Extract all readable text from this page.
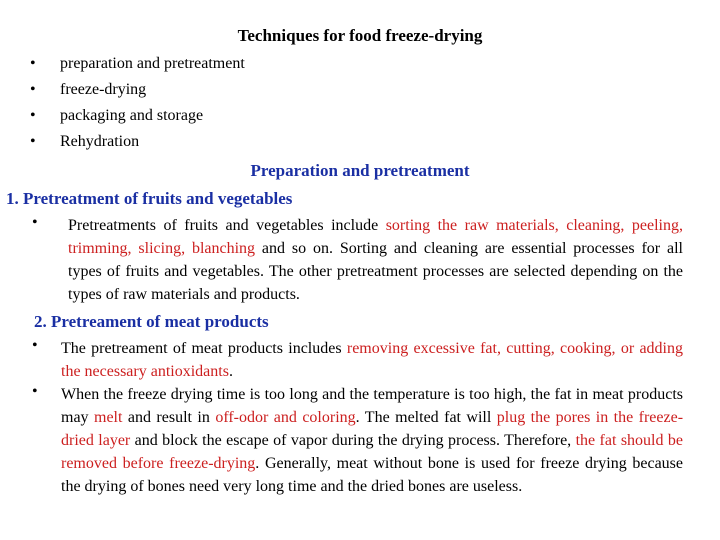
Techniques for food freeze-drying
• preparation and pretreatment
• freeze-drying
• packaging and storage
• Rehydration
Preparation and pretreatment
1. Pretreatment of fruits and vegetables
• Pretreatments of fruits and vegetables include sorting the raw materials, cleaning, peeling, trimming, slicing, blanching and so on. Sorting and cleaning are essential processes for all types of fruits and vegetables. The other pretreatment processes are selected depending on the types of raw materials and products.
2. Pretreament of meat products
• The pretreament of meat products includes removing excessive fat, cutting, cooking, or adding the necessary antioxidants.
• When the freeze drying time is too long and the temperature is too high, the fat in meat products may melt and result in off-odor and coloring. The melted fat will plug the pores in the freeze-dried layer and block the escape of vapor during the drying process. Therefore, the fat should be removed before freeze-drying. Generally, meat without bone is used for freeze drying because the drying of bones need very long time and the dried bones are useless.
